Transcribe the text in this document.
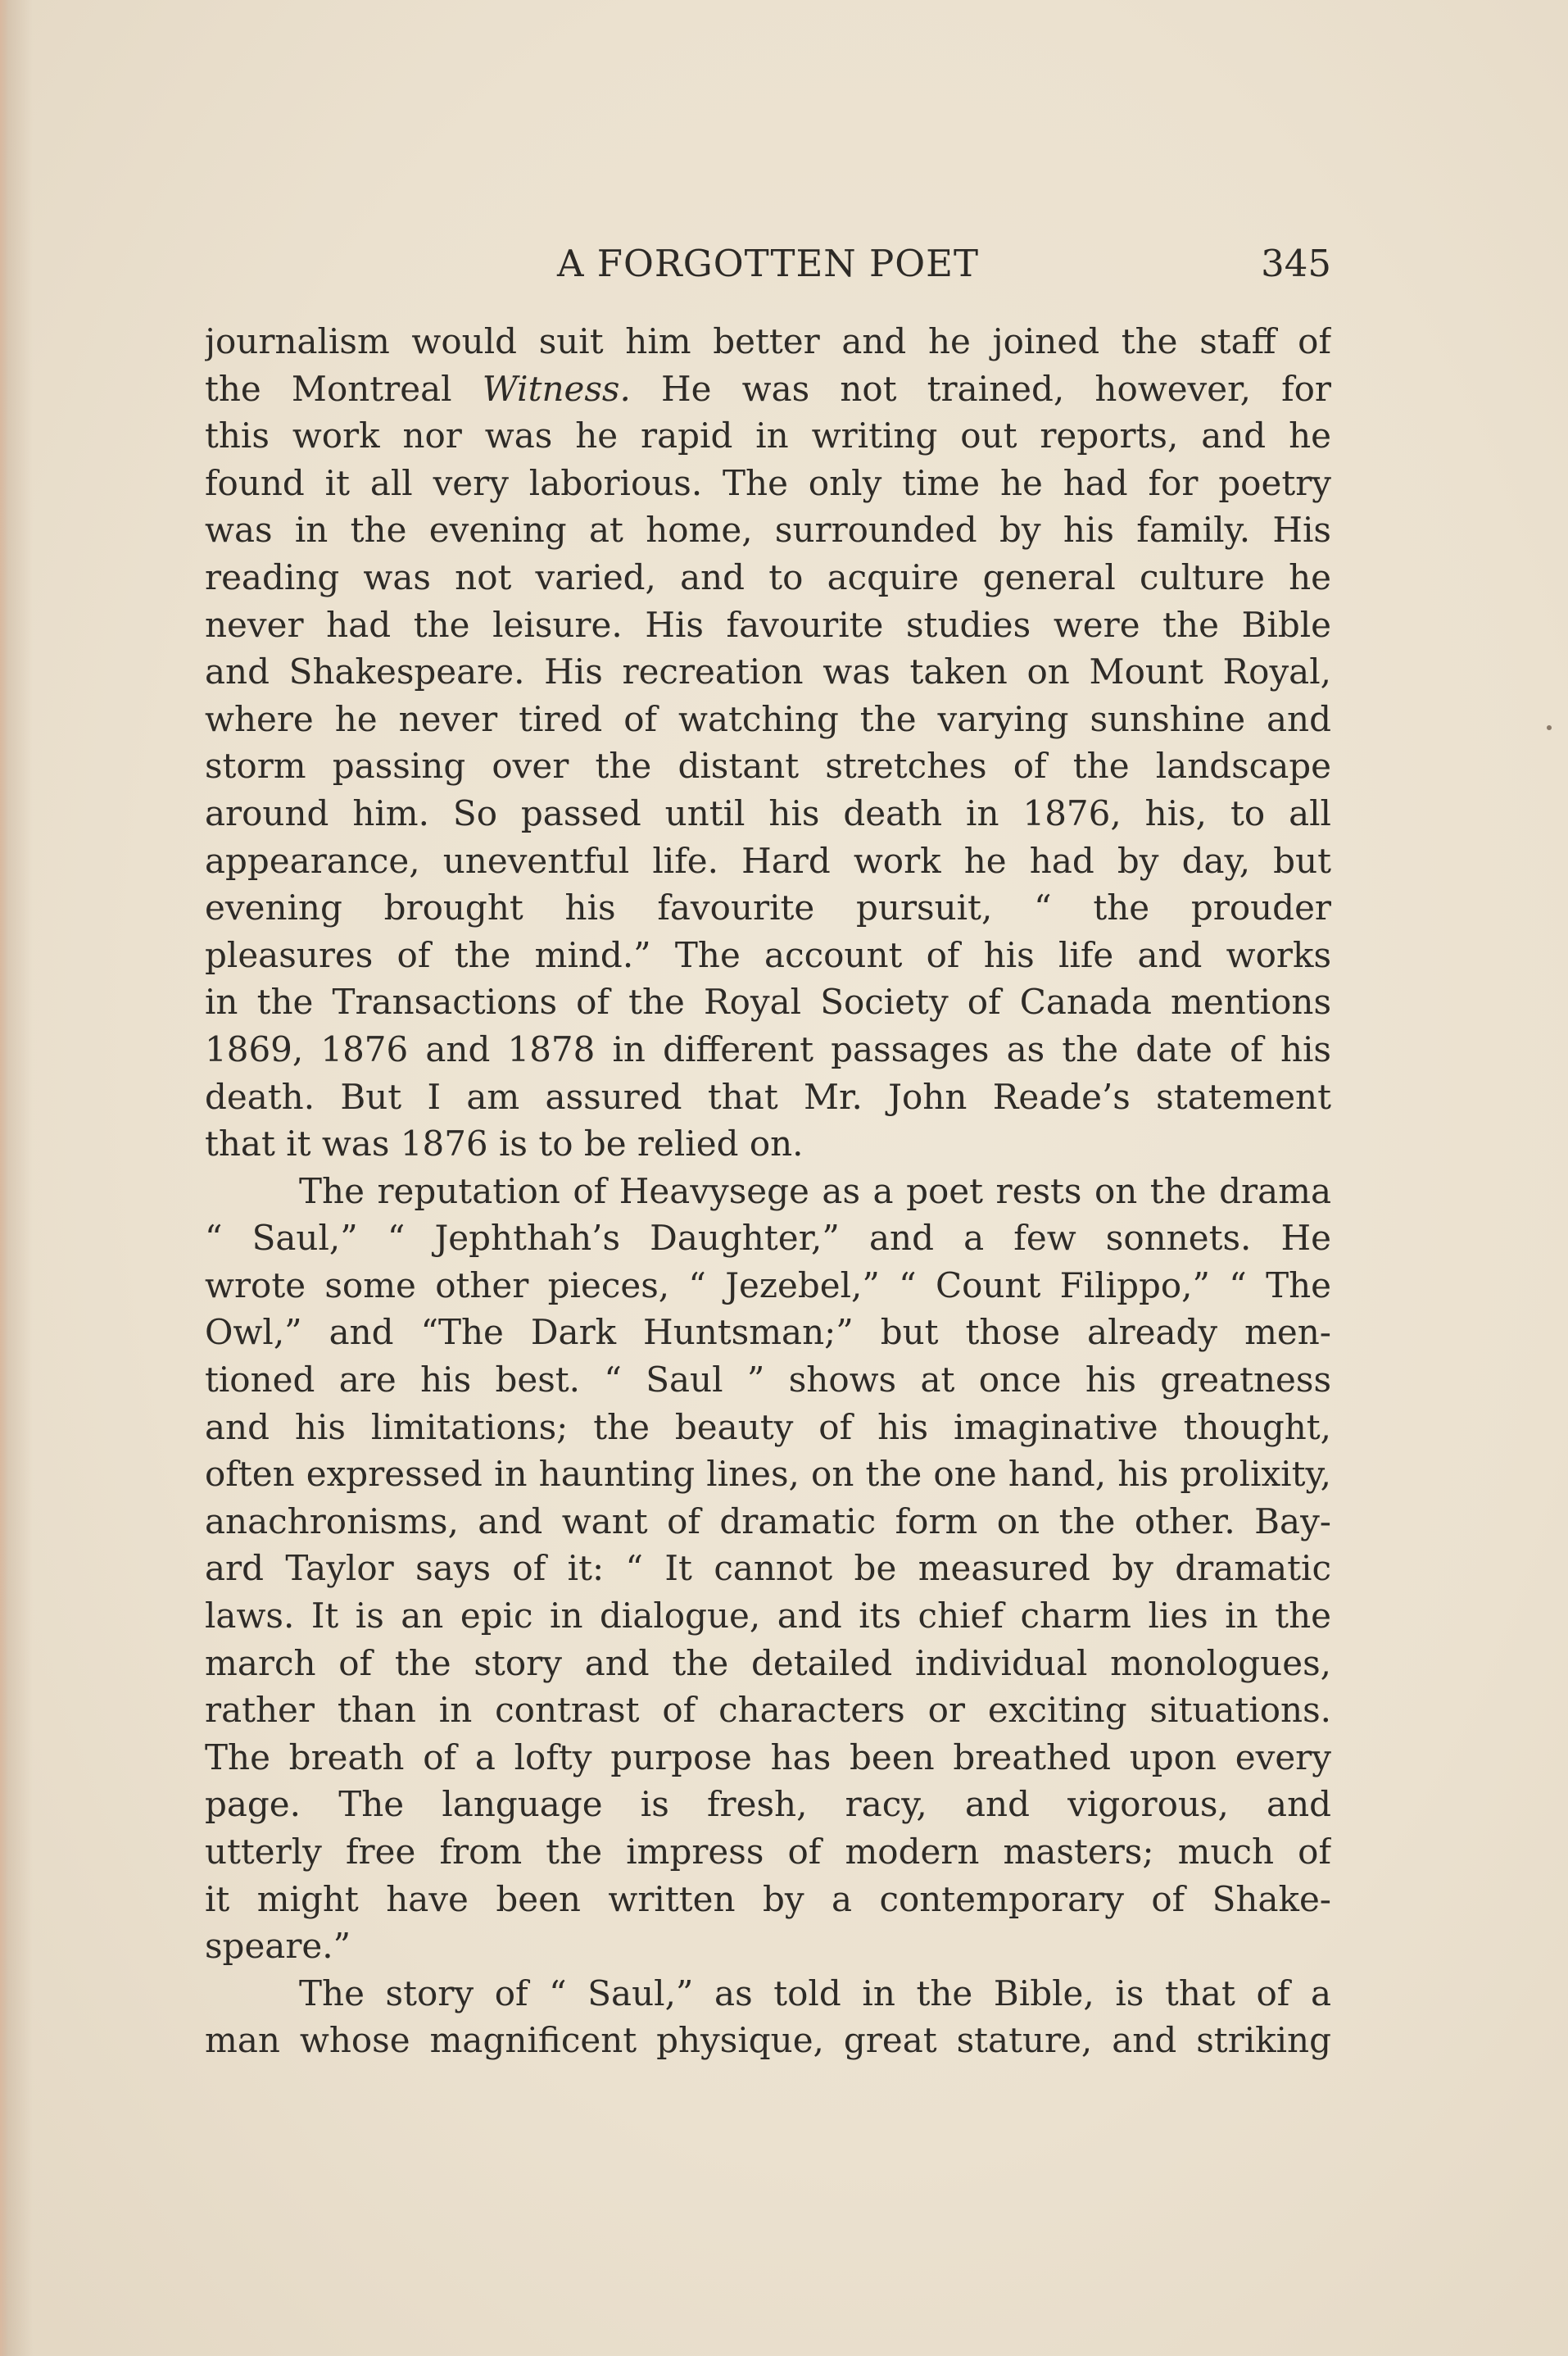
A FORGOTTEN POET	345
journalism would suit him better and he joined the staff of
the Montreal Witness. He was not trained, however, for
this work nor was he rapid in writing out reports, and he
found it all very laborious. The only time he had for poetry
was in the evening at home, surrounded by his family. His
reading was not varied, and to acquire general culture he
never had the leisure. His favourite studies were the Bible
and Shakespeare. His recreation was taken on Mount Royal,
where he never tired of watching the varying sunshine and
storm passing over the distant stretches of the landscape
around him. So passed until his death in 1876, his, to all
appearance, uneventful life. Hard work he had by day, but
evening brought his favourite pursuit, “ the prouder
pleasures of the mind.” The account of his life and works
in the Transactions of the Royal Society of Canada mentions
1869, 1876 and 1878 in different passages as the date of his
death. But I am assured that Mr. John Reade’s statement
that it was 1876 is to be relied on.
The reputation of Heavysege as a poet rests on the drama
“ Saul,” “ Jephthah’s Daughter,” and a few sonnets. He
wrote some other pieces, “ Jezebel,” “ Count Filippo,” “ The
Owl,” and “The Dark Huntsman;” but those already men-
tioned are his best. “ Saul ” shows at once his greatness
and his limitations; the beauty of his imaginative thought,
often expressed in haunting lines, on the one hand, his prolixity,
anachronisms, and want of dramatic form on the other. Bay-
ard Taylor says of it: “ It cannot be measured by dramatic
laws. It is an epic in dialogue, and its chief charm lies in the
march of the story and the detailed individual monologues,
rather than in contrast of characters or exciting situations.
The breath of a lofty purpose has been breathed upon every
page. The language is fresh, racy, and vigorous, and
utterly free from the impress of modern masters; much of
it might have been written by a contemporary of Shake-
speare.”
The story of “ Saul,” as told in the Bible, is that of a
man whose magnificent physique, great stature, and striking
